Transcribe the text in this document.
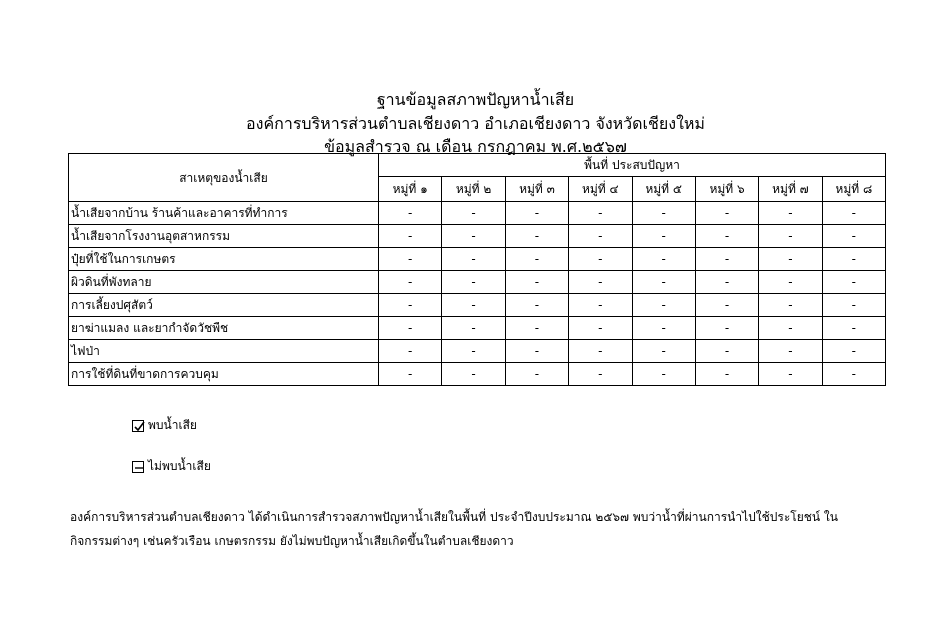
ฐานข้อมูลสภาพปัญหาน้ำเสีย
องค์การบริหารส่วนตำบลเชียงดาว อำเภอเชียงดาว จังหวัดเชียงใหม่
ข้อมูลสำรวจ ณ เดือน กรกฎาคม พ.ศ.๒๕๖๗
สาเหตุของน้ำเสีย	พื้นที่ ประสบปัญหา							
	หมู่ที่ ๑	หมู่ที่ ๒	หมู่ที่ ๓	หมู่ที่ ๔	หมู่ที่ ๕	หมู่ที่ ๖	หมู่ที่ ๗	หมู่ที่ ๘
น้ำเสียจากบ้าน ร้านค้าและอาคารที่ทำการ	-	-	-	-	-	-	-	-
น้ำเสียจากโรงงานอุตสาหกรรม	-	-	-	-	-	-	-	-
ปุ๋ยที่ใช้ในการเกษตร	-	-	-	-	-	-	-	-
ผิวดินที่พังทลาย	-	-	-	-	-	-	-	-
การเลี้ยงปศุสัตว์	-	-	-	-	-	-	-	-
ยาฆ่าแมลง และยากำจัดวัชพืช	-	-	-	-	-	-	-	-
ไฟป่า	-	-	-	-	-	-	-	-
การใช้ที่ดินที่ขาดการควบคุม	-	-	-	-	-	-	-	-
พบน้ำเสีย
ไม่พบน้ำเสีย
องค์การบริหารส่วนตำบลเชียงดาว ได้ดำเนินการสำรวจสภาพปัญหาน้ำเสียในพื้นที่ ประจำปีงบประมาณ ๒๕๖๗ พบว่าน้ำที่ผ่านการนำไปใช้ประโยชน์ ใน
กิจกรรมต่างๆ เช่นครัวเรือน เกษตรกรรม ยังไม่พบปัญหาน้ำเสียเกิดขึ้นในตำบลเชียงดาว
